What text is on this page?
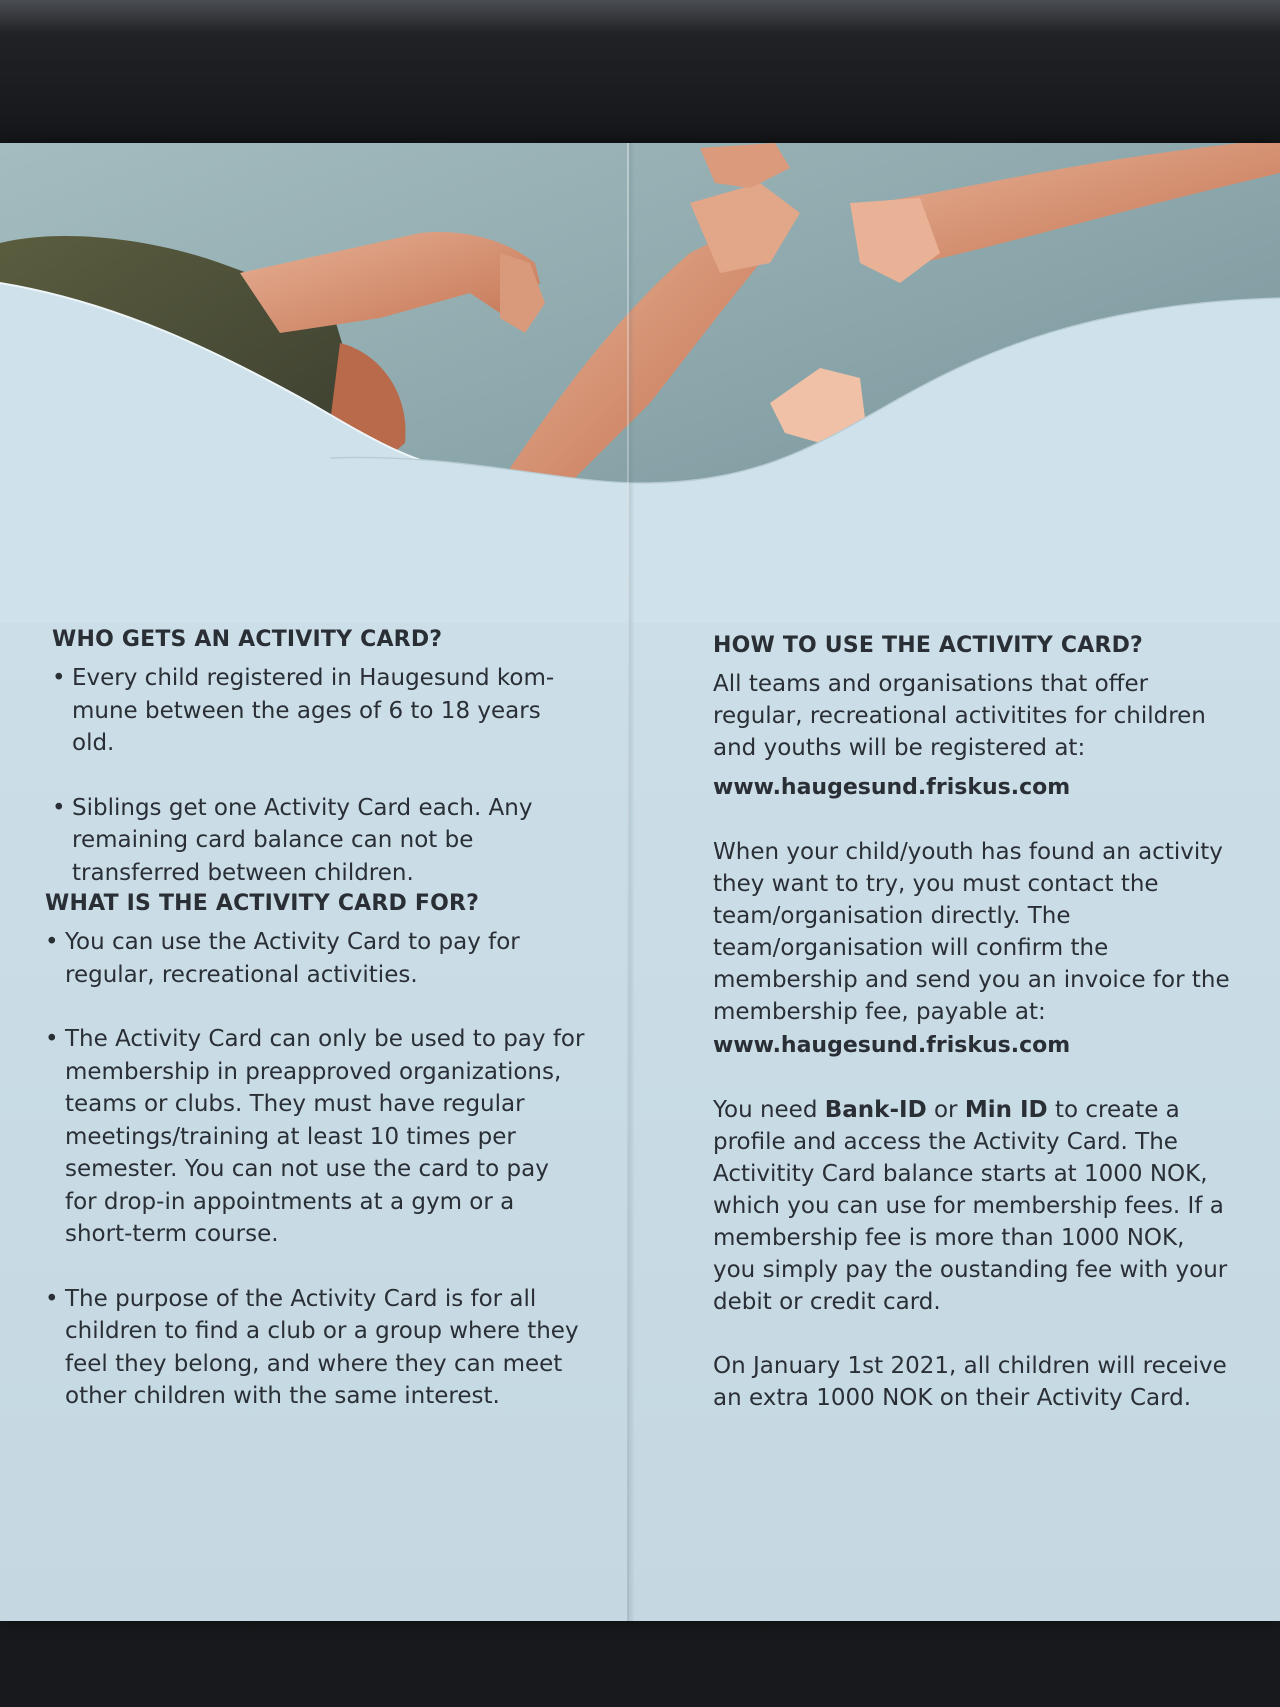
WHO GETS AN ACTIVITY CARD?
• Every child registered in Haugesund kom-mune between the ages of 6 to 18 years old.
• Siblings get one Activity Card each. Any remaining card balance can not be transferred between children.
WHAT IS THE ACTIVITY CARD FOR?
• You can use the Activity Card to pay for regular, recreational activities.
• The Activity Card can only be used to pay for membership in preapproved organizations, teams or clubs. They must have regular meetings/training at least 10 times per semester. You can not use the card to pay for drop-in appointments at a gym or a short-term course.
• The purpose of the Activity Card is for all children to find a club or a group where they feel they belong, and where they can meet other children with the same interest.
HOW TO USE THE ACTIVITY CARD?

All teams and organisations that offer regular, recreational activitites for children and youths will be registered at:

www.haugesund.friskus.com

When your child/youth has found an activity they want to try, you must contact the team/organisation directly. The team/organisation will confirm the membership and send you an invoice for the membership fee, payable at:

www.haugesund.friskus.com

You need Bank-ID or Min ID to create a profile and access the Activity Card. The Activitity Card balance starts at 1000 NOK, which you can use for membership fees. If a membership fee is more than 1000 NOK, you simply pay the oustanding fee with your debit or credit card.

On January 1st 2021, all children will receive an extra 1000 NOK on their Activity Card.
